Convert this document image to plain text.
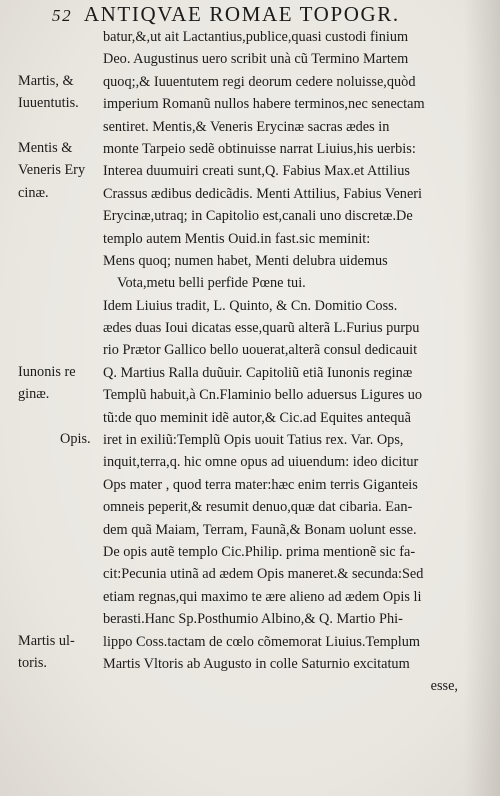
52 ANTIQVAE ROMAE TOPOGR.
batur,&,ut ait Lactantius,publice,quasi custodi finium
Deo. Augustinus uero scribit unà cũ Termino Martem
quoq;,& Iuuentutem regi deorum cedere noluisse,quòd
imperium Romanũ nullos habere terminos,nec senectam
sentiret. Mentis,& Veneris Erycinæ sacras ædes in
monte Tarpeio sedẽ obtinuisse narrat Liuius,his uerbis:
Interea duumuiri creati sunt,Q. Fabius Max.et Attilius
Crassus ædibus dedicãdis. Menti Attilius, Fabius Veneri
Erycinæ,utraq; in Capitolio est,canali uno discretæ.De
templo autem Mentis Ouid.in fast.sic meminit:
Mens quoq; numen habet, Menti delubra uidemus
Vota,metu belli perfide Pœne tui.
Idem Liuius tradit, L. Quinto, & Cn. Domitio Coss.
ædes duas Ioui dicatas esse,quarũ alterã L.Furius purpu
rio Prætor Gallico bello uouerat,alterã consul dedicauit
Q. Martius Ralla duũuir. Capitoliũ etiã Iunonis reginæ
Templũ habuit,à Cn.Flaminio bello aduersus Ligures uo
tũ:de quo meminit idẽ autor,& Cic.ad Equites antequã
iret in exiliũ:Templũ Opis uouit Tatius rex. Var. Ops,
inquit,terra,q. hic omne opus ad uiuendum: ideo dicitur
Ops mater , quod terra mater:hæc enim terris Giganteis
omneis peperit,& resumit denuo,quæ dat cibaria. Ean-
dem quã Maiam, Terram, Faunã,& Bonam uolunt esse.
De opis autẽ templo Cic.Philip. prima mentionẽ sic fa-
cit:Pecunia utinã ad ædem Opis maneret.& secunda:Sed
etiam regnas,qui maximo te ære alieno ad ædem Opis li
berasti.Hanc Sp.Posthumio Albino,& Q. Martio Phi-
lippo Coss.tactam de cœlo cõmemorat Liuius.Templum
Martis Vltoris ab Augusto in colle Saturnio excitatum
esse,
Martis, &
Iuuentutis.
Mentis &
Veneris Ery
cinæ.
Iunonis re
ginæ.
Opis.
Martis ul-
toris.
